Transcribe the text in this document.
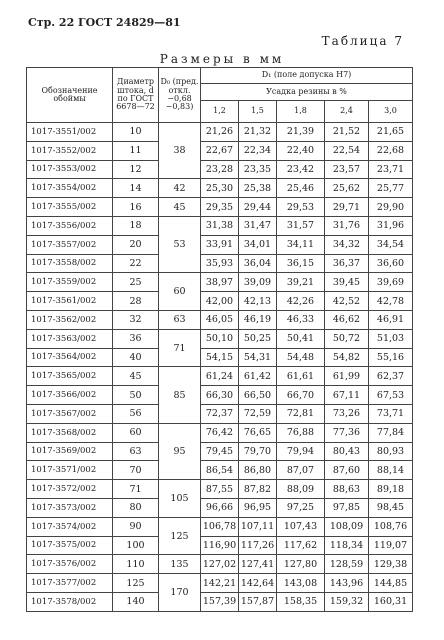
Стр. 22 ГОСТ 24829—81
Таблица 7
Размеры в мм
Обозначение обоймы	Диаметр штока, d по ГОСТ 6678—72	D₀ (пред. откл. −0,68 −0,83)	D₁ (поле допуска Н7)				
			Усадка резины в %				
			1,2	1,5	1,8	2,4	3,0
1017-3551/002	10	38	21,26	21,32	21,39	21,52	21,65
1017-3552/002	11		22,67	22,34	22,40	22,54	22,68
1017-3553/002	12		23,28	23,35	23,42	23,57	23,71
1017-3554/002	14	42	25,30	25,38	25,46	25,62	25,77
1017-3555/002	16	45	29,35	29,44	29,53	29,71	29,90
1017-3556/002	18	53	31,38	31,47	31,57	31,76	31,96
1017-3557/002	20		33,91	34,01	34,11	34,32	34,54
1017-3558/002	22		35,93	36,04	36,15	36,37	36,60
1017-3559/002	25	60	38,97	39,09	39,21	39,45	39,69
1017-3561/002	28		42,00	42,13	42,26	42,52	42,78
1017-3562/002	32	63	46,05	46,19	46,33	46,62	46,91
1017-3563/002	36	71	50,10	50,25	50,41	50,72	51,03
1017-3564/002	40		54,15	54,31	54,48	54,82	55,16
1017-3565/002	45	85	61,24	61,42	61,61	61,99	62,37
1017-3566/002	50		66,30	66,50	66,70	67,11	67,53
1017-3567/002	56		72,37	72,59	72,81	73,26	73,71
1017-3568/002	60	95	76,42	76,65	76,88	77,36	77,84
1017-3569/002	63		79,45	79,70	79,94	80,43	80,93
1017-3571/002	70		86,54	86,80	87,07	87,60	88,14
1017-3572/002	71	105	87,55	87,82	88,09	88,63	89,18
1017-3573/002	80		96,66	96,95	97,25	97,85	98,45
1017-3574/002	90	125	106,78	107,11	107,43	108,09	108,76
1017-3575/002	100		116,90	117,26	117,62	118,34	119,07
1017-3576/002	110	135	127,02	127,41	127,80	128,59	129,38
1017-3577/002	125	170	142,21	142,64	143,08	143,96	144,85
1017-3578/002	140		157,39	157,87	158,35	159,32	160,31
